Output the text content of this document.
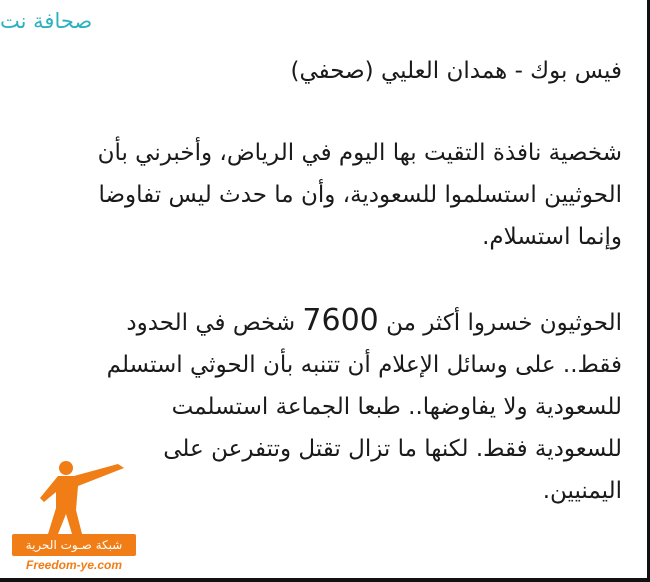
صحافة نت

فيس بوك - همدان العليي (صحفي)

شخصية نافذة التقيت بها اليوم في الرياض، وأخبرني بأن

الحوثيين استسلموا للسعودية، وأن ما حدث ليس تفاوضا

وإنما استسلام.

الحوثيون خسروا أكثر من 7600 شخص في الحدود

فقط.. على وسائل الإعلام أن تتنبه بأن الحوثي استسلم

للسعودية ولا يفاوضها.. طبعا الجماعة استسلمت

للسعودية فقط. لكنها ما تزال تقتل وتتفرعن على

اليمنيين.

شبكة صـوت الحرية
Freedom-ye.com
